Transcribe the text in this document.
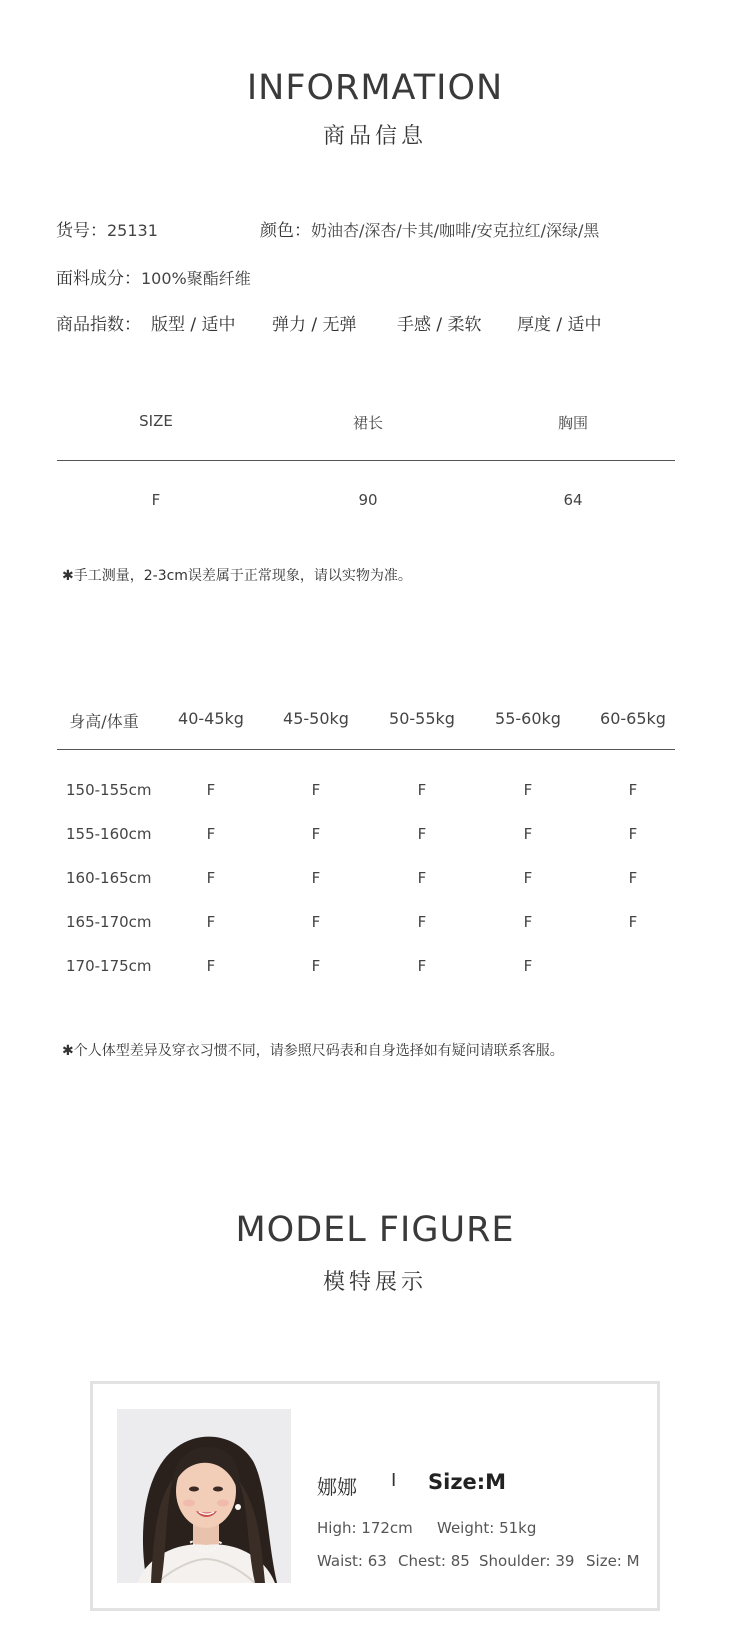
INFORMATION
商品信息
货号：25131	颜色：奶油杏/深杏/卡其/咖啡/安克拉红/深绿/黑
面料成分：100%聚酯纤维
商品指数： 版型 / 适中 弹力 / 无弹 手感 / 柔软 厚度 / 适中
SIZE	裙长	胸围
F	90	64
✱手工测量，2-3cm误差属于正常现象，请以实物为准。
身高/体重	40-45kg	45-50kg	50-55kg	55-60kg	60-65kg
150-155cm	F	F	F	F	F
155-160cm	F	F	F	F	F
160-165cm	F	F	F	F	F
165-170cm	F	F	F	F	F
170-175cm	F	F	F	F
✱个人体型差异及穿衣习惯不同，请参照尺码表和自身选择如有疑问请联系客服。
MODEL FIGURE
模特展示
娜娜 I Size:M
High: 172cm Weight: 51kg
Waist: 63 Chest: 85 Shoulder: 39 Size: M
